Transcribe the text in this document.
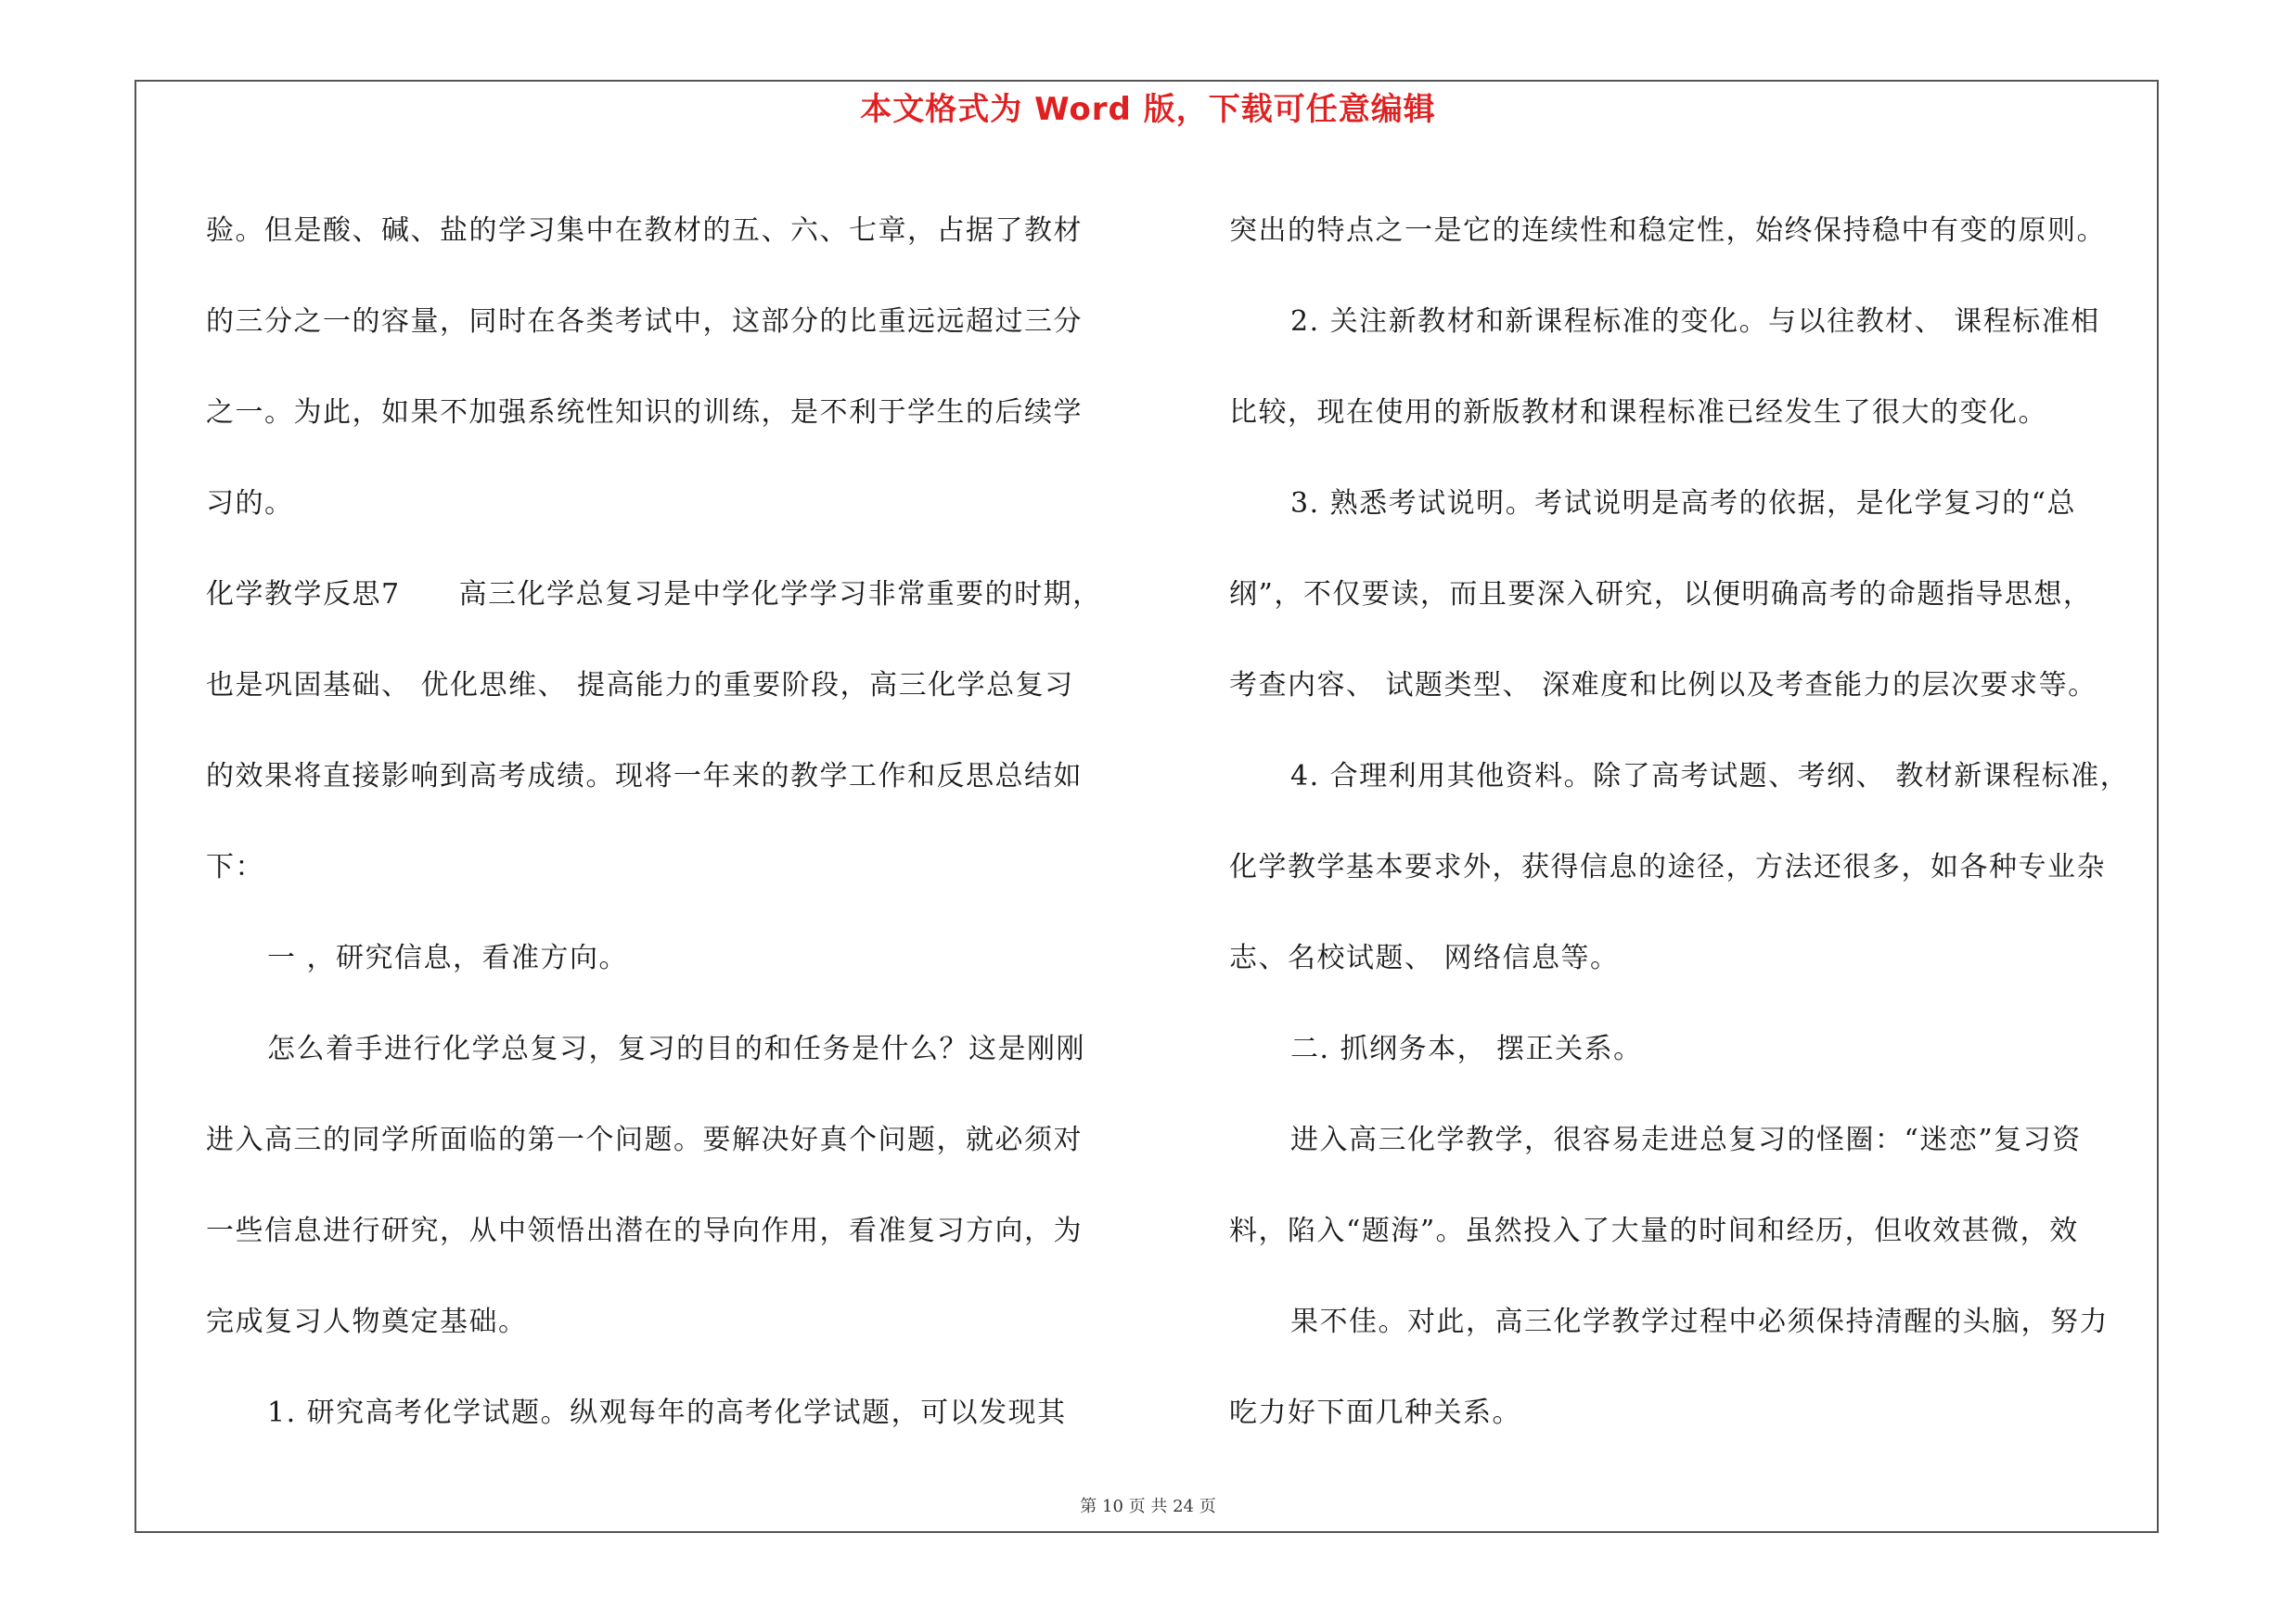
本文格式为 Word 版，下载可任意编辑
验。但是酸、碱、盐的学习集中在教材的五、六、七章，占据了教材
的三分之一的容量，同时在各类考试中，这部分的比重远远超过三分
之一。为此，如果不加强系统性知识的训练，是不利于学生的后续学
习的。
化学教学反思7　　高三化学总复习是中学化学学习非常重要的时期，
也是巩固基础、 优化思维、 提高能力的重要阶段，高三化学总复习
的效果将直接影响到高考成绩。现将一年来的教学工作和反思总结如
下：
一 ，研究信息，看准方向。
怎么着手进行化学总复习，复习的目的和任务是什么？这是刚刚
进入高三的同学所面临的第一个问题。要解决好真个问题，就必须对
一些信息进行研究，从中领悟出潜在的导向作用，看准复习方向，为
完成复习人物奠定基础。
1. 研究高考化学试题。纵观每年的高考化学试题，可以发现其
突出的特点之一是它的连续性和稳定性，始终保持稳中有变的原则。
2. 关注新教材和新课程标准的变化。与以往教材、 课程标准相
比较，现在使用的新版教材和课程标准已经发生了很大的变化。
3. 熟悉考试说明。考试说明是高考的依据，是化学复习的“总
纲”，不仅要读，而且要深入研究，以便明确高考的命题指导思想，
考查内容、 试题类型、 深难度和比例以及考查能力的层次要求等。
4. 合理利用其他资料。除了高考试题、考纲、 教材新课程标准，
化学教学基本要求外，获得信息的途径，方法还很多，如各种专业杂
志、名校试题、 网络信息等。
二. 抓纲务本， 摆正关系。
进入高三化学教学，很容易走进总复习的怪圈：“迷恋”复习资
料，陷入“题海”。虽然投入了大量的时间和经历，但收效甚微，效
果不佳。对此，高三化学教学过程中必须保持清醒的头脑，努力
吃力好下面几种关系。
第 10 页 共 24 页
